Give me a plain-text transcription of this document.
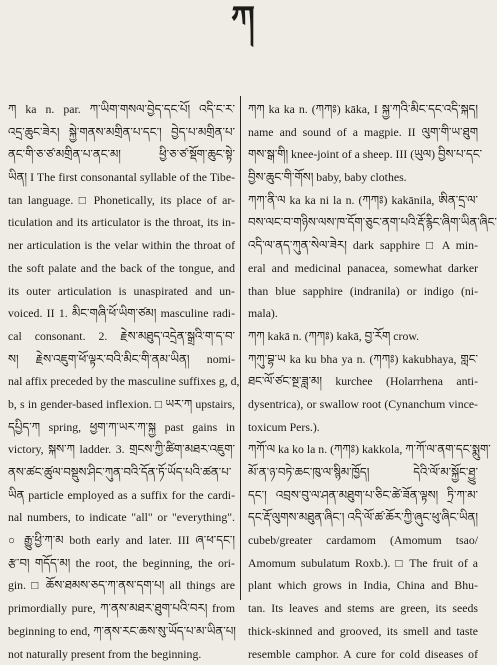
ཀ
ཀ ka n. par. ཀ་ཡིག་གསལ་བྱེད་དང་པོ། འདི་ང་ར་
འདྲ་ཆུང་ཟེར། སྐྱེ་གནས་མགྲིན་པ་དང་། བྱེད་པ་མགྲིན་པ་
ནང་གི་ཅ་ཙ་མགྲིན་པ་ནང་མ། ཕྱི་ཅ་ཙ་སྡོག་ཆུང་སྟེ་
ཡིན། I The first consonantal syllable of the Tibe-
tan language. □ Phonetically, its place of ar-
ticulation and its articulator is the throat, its in-
ner articulation is the velar within the throat of
the soft palate and the back of the tongue, and
its outer articulation is unaspirated and un-
voiced. II 1. མིང་གཞི་ཕོ་ཡིག་ཙམ། masculine radi-
cal consonant. 2. རྗེས་མཐུད་འདྲེན་སྒྲའི་ག་ད་བ་
ས། རྗེས་འཇུག་ཕོ་ལྟར་བའི་མིང་གི་ནམ་ཡིན། nomi-
nal affix preceded by the masculine suffixes g, d,
b, s in gender-based inflexion. □ ཡར་ཀ upstairs,
དཔྱིད་ཀ spring, ཕྱག་ཀ་ཡར་ཀ་སྐྱ past gains in
victory, སྐས་ཀ ladder. 3. གྲངས་ཀྱི་ཚིག་མཐར་འཇུག་
ནས་ཚང་ཚུལ་བསྡུས་ཤིང་ཀུན་བའི་དོན་ཏོ་ཡོད་པའི་ཚན་པ་
ཡིན particle employed as a suffix for the cardi-
nal numbers, to indicate "all" or "everything".
○ རྒྱུ་ཕྱི་ཀ་མ both early and later. III ཞ་ཕ་དང་།
རྩ་བ། གདོད་མ། the root, the beginning, the ori-
gin. □ ཆོས་ཐམས་ཅད་ཀ་ནས་དག་པ། all things are
primordially pure, ཀ་ནས་མཐར་ཐུག་པའི་བར། from
beginning to end, ཀ་ནས་རང་ཆས་སུ་ཡོད་པ་མ་ཡིན་པ།
not naturally present from the beginning.
ཀཀ ka ka n. (ཀཀཿ) kāka, I སྐྱ་ཀའི་མིང་དང་འདི་སྐད།
name and sound of a magpie. II ལུག་གི་ཡ་ཐུག
གས་སྒ་གི། knee-joint of a sheep. III (ཡུལ) བྱིས་པ་དང་
བྱིས་ཆུང་གི་གོས། baby, baby clothes.
ཀཀ་ནི་ལ ka ka ni la n. (ཀཀཿ) kakānila, ཨིན་དྲ་ལ་
བས་ལང་བ་གཉིས་ལས་ཁ་དོག་ཅུང་ནག་པའི་རྡོ་རྙིང་ཞིག་ཡིན་ཞིང་
འདི་ལ་ནད་ཀུན་སེལ་ཟེར། dark sapphire □ A min-
eral and medicinal panacea, somewhat darker
than blue sapphire (indranila) or indigo (ni-
mala).
ཀཀ kakā n. (ཀཀཿ) kakā, བྱ་རོག crow.
ཀཀུ་བྷ་ཡ ka ku bha ya n. (ཀཀཿ) kakubhaya, གླང་
ཐང་ལོ་ཙང་སྔ་ཟླ་མ། kurchee (Holarrhena anti-
dysentrica), or swallow root (Cynanchum vince-
toxicum Pers.).
ཀཀོ་ལ ka ko la n. (ཀཀཿ) kakkola, ཀ་ཀོ་ལ་ནག་དང་སྨུག་
མོ་ན་ཉ་བཏེ་ཆང་ཁུ་ལ་སྙིམ་ཁྱོད། དེའི་ལོ་མ་སྐྱོང་ཐྱུ་
དང་། འབྲས་བུ་ལ་ཤན་མཐུག་པ་ཅིང་ཚེ་ཟོན་ལྟས། ཏྲི་ཀ་མ་
དང་རྡོ་ལུགས་མཐུན་ཞིང་། འདི་ལོ་ཚ་ཆོར་ཀྱི་ཞུང་ཕུ་ཞིང་ཡིན།
cubeb/greater cardamom (Amomum tsao/
Amomum subulatum Roxb.). □ The fruit of a
plant which grows in India, China and Bhu-
tan. Its leaves and stems are green, its seeds
thick-skinned and grooved, its smell and taste
resemble camphor. A cure for cold diseases of
